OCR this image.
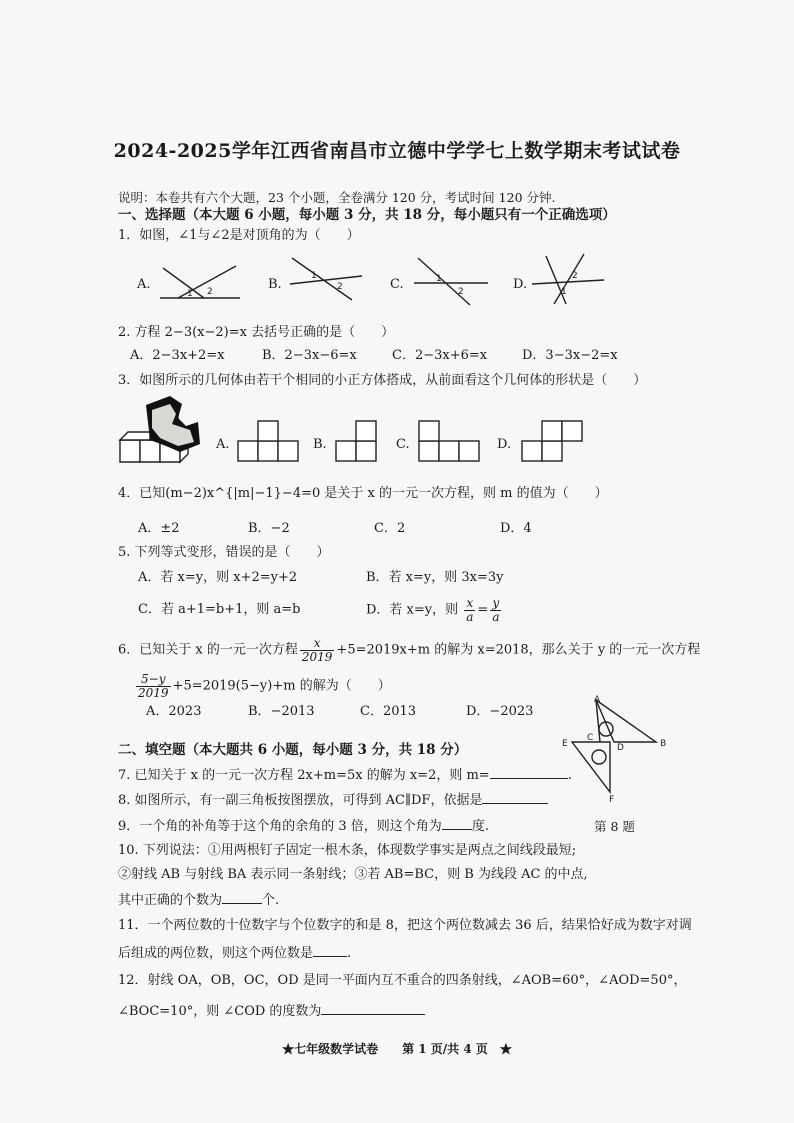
2024-2025学年江西省南昌市立德中学学七上数学期末考试试卷
说明：本卷共有六个大题，23 个小题，全卷满分 120 分，考试时间 120 分钟.
一、选择题（本大题 6 小题，每小题 3 分，共 18 分，每小题只有一个正确选项）
1．如图，∠1与∠2是对顶角的为（　　）
A.	B.	C.	D.
1 2
1
2
1
2
2
1
A
E
C
D	B
F
2. 方程 2−3(x−2)=x 去括号正确的是（　　）
A．2−3x+2=x	B．2−3x−6=x	C．2−3x+6=x	D．3−3x−2=x
3．如图所示的几何体由若干个相同的小正方体搭成，从前面看这个几何体的形状是（　　）
A.	B.	C.	D.
4．已知(m−2)x^{|m|−1}−4=0 是关于 x 的一元一次方程，则 m 的值为（　　）
A．±2	B．−2	C．2	D．4
5. 下列等式变形，错误的是（　　）
A．若 x=y，则 x+2=y+2	B．若 x=y，则 3x=3y
C．若 a+1=b+1，则 a=b	D．若 x=y，则 $\frac{x}{a} = \frac{y}{a}$
6．已知关于 x 的一元一次方程 $\frac{x}{2019} +5=2019x+m$ 的解为 x=2018，那么关于 y 的一元一次方程
$\frac{5-y}{2019} +5=2019(5-y)+m$ 的解为（　　）
A．2023	B．−2013	C．2013	D．−2023
二、填空题（本大题共 6 小题，每小题 3 分，共 18 分）
7. 已知关于 x 的一元一次方程 2x+m=5x 的解为 x=2，则 m=	.
8. 如图所示，有一副三角板按图摆放，可得到 AC∥DF，依据是
9．一个角的补角等于这个角的余角的 3 倍，则这个角为 度.	第 8 题
10. 下列说法：①用两根钉子固定一根木条，体现数学事实是两点之间线段最短;
②射线 AB 与射线 BA 表示同一条射线；③若 AB=BC，则 B 为线段 AC 的中点,
其中正确的个数为	个.
11．一个两位数的十位数字与个位数字的和是 8，把这个两位数减去 36 后，结果恰好成为数字对调
后组成的两位数，则这个两位数是	.
12．射线 OA，OB，OC，OD 是同一平面内互不重合的四条射线，∠AOB=60°，∠AOD=50°，
∠BOC=10°，则 ∠COD 的度数为
★七年级数学试卷　　第 1 页/共 4 页　★
